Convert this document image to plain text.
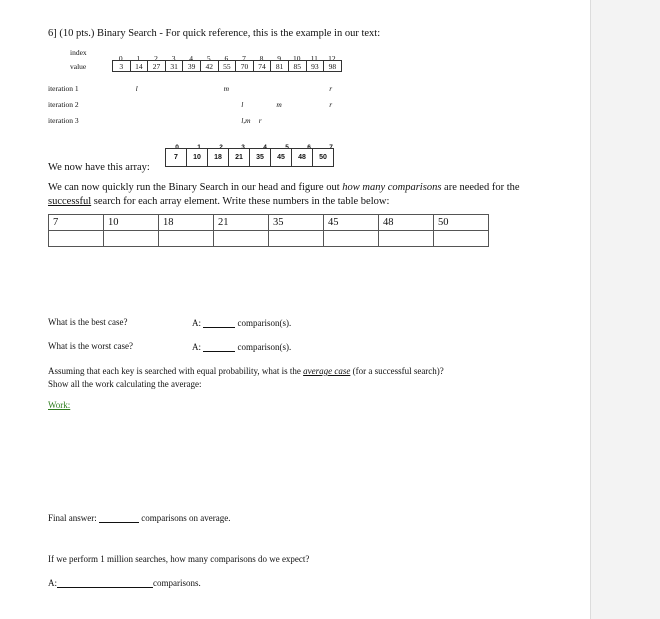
6] (10 pts.) Binary Search - For quick reference, this is the example in our text:
index
value
0 1 2 3 4 5 6 7 8 9 10 11 12
3	14	27	31	39	42	55	70	74	81	85	93	98
iteration 1	l	m	r
iteration 2	l	m	r
iteration 3	l,m r
0	1	2	3	4	5	6	7
7	10	18	21	35	45	48	50
We now have this array:
We can now quickly run the Binary Search in our head and figure out how many comparisons are needed for the
successful search for each array element. Write these numbers in the table below:
7	10	18	21	35	45	48	50

What is the best case?	A:	comparison(s).
What is the worst case?	A:	comparison(s).
Assuming that each key is searched with equal probability, what is the average case (for a successful search)?
Show all the work calculating the average:
Work:
Final answer:	comparisons on average.
If we perform 1 million searches, how many comparisons do we expect?
A:	comparisons.
